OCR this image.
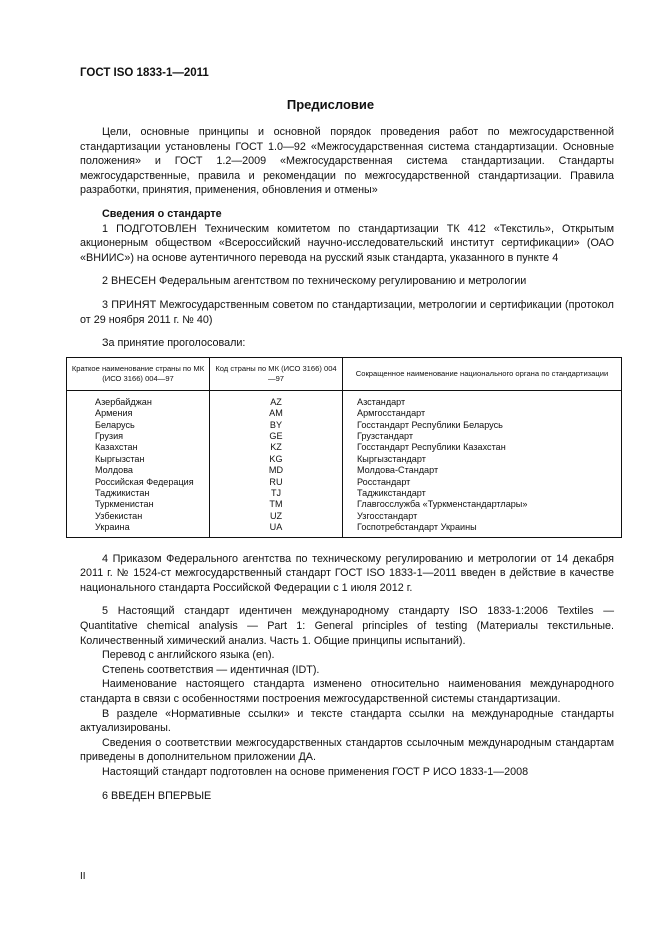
ГОСТ ISO 1833-1—2011
Предисловие

Цели, основные принципы и основной порядок проведения работ по межгосударственной стандартизации установлены ГОСТ 1.0—92 «Межгосударственная система стандартизации. Основные положения» и ГОСТ 1.2—2009 «Межгосударственная система стандартизации. Стандарты межгосударственные, правила и рекомендации по межгосударственной стандартизации. Правила разработки, принятия, применения, обновления и отмены»

Сведения о стандарте

1 ПОДГОТОВЛЕН Техническим комитетом по стандартизации ТК 412 «Текстиль», Открытым акционерным обществом «Всероссийский научно-исследовательский институт сертификации» (ОАО «ВНИИС») на основе аутентичного перевода на русский язык стандарта, указанного в пункте 4

2 ВНЕСЕН Федеральным агентством по техническому регулированию и метрологии

3 ПРИНЯТ Межгосударственным советом по стандартизации, метрологии и сертификации (протокол от 29 ноября 2011 г. № 40)

За принятие проголосовали:

Краткое наименование страны по МК (ИСО 3166) 004—97	Код страны по МК (ИСО 3166) 004—97	Сокращенное наименование национального органа по стандартизации
Азербайджан	AZ	Азстандарт
Армения	AM	Армгосстандарт
Беларусь	BY	Госстандарт Республики Беларусь
Грузия	GE	Грузстандарт
Казахстан	KZ	Госстандарт Республики Казахстан
Кыргызстан	KG	Кыргызстандарт
Молдова	MD	Молдова-Стандарт
Российская Федерация	RU	Росстандарт
Таджикистан	TJ	Таджикстандарт
Туркменистан	TM	Главгосслужба «Туркменстандартлары»
Узбекистан	UZ	Узгосстандарт
Украина	UA	Госпотребстандарт Украины

4 Приказом Федерального агентства по техническому регулированию и метрологии от 14 декабря 2011 г. № 1524-ст межгосударственный стандарт ГОСТ ISO 1833-1—2011 введен в действие в качестве национального стандарта Российской Федерации с 1 июля 2012 г.

5 Настоящий стандарт идентичен международному стандарту ISO 1833-1:2006 Textiles — Quantitative chemical analysis — Part 1: General principles of testing (Материалы текстильные. Количественный химический анализ. Часть 1. Общие принципы испытаний).

Перевод с английского языка (en).

Степень соответствия — идентичная (IDT).

Наименование настоящего стандарта изменено относительно наименования международного стандарта в связи с особенностями построения межгосударственной системы стандартизации.

В разделе «Нормативные ссылки» и тексте стандарта ссылки на международные стандарты актуализированы.

Сведения о соответствии межгосударственных стандартов ссылочным международным стандартам приведены в дополнительном приложении ДА.

Настоящий стандарт подготовлен на основе применения ГОСТ Р ИСО 1833-1—2008

6 ВВЕДЕН ВПЕРВЫЕ

II
